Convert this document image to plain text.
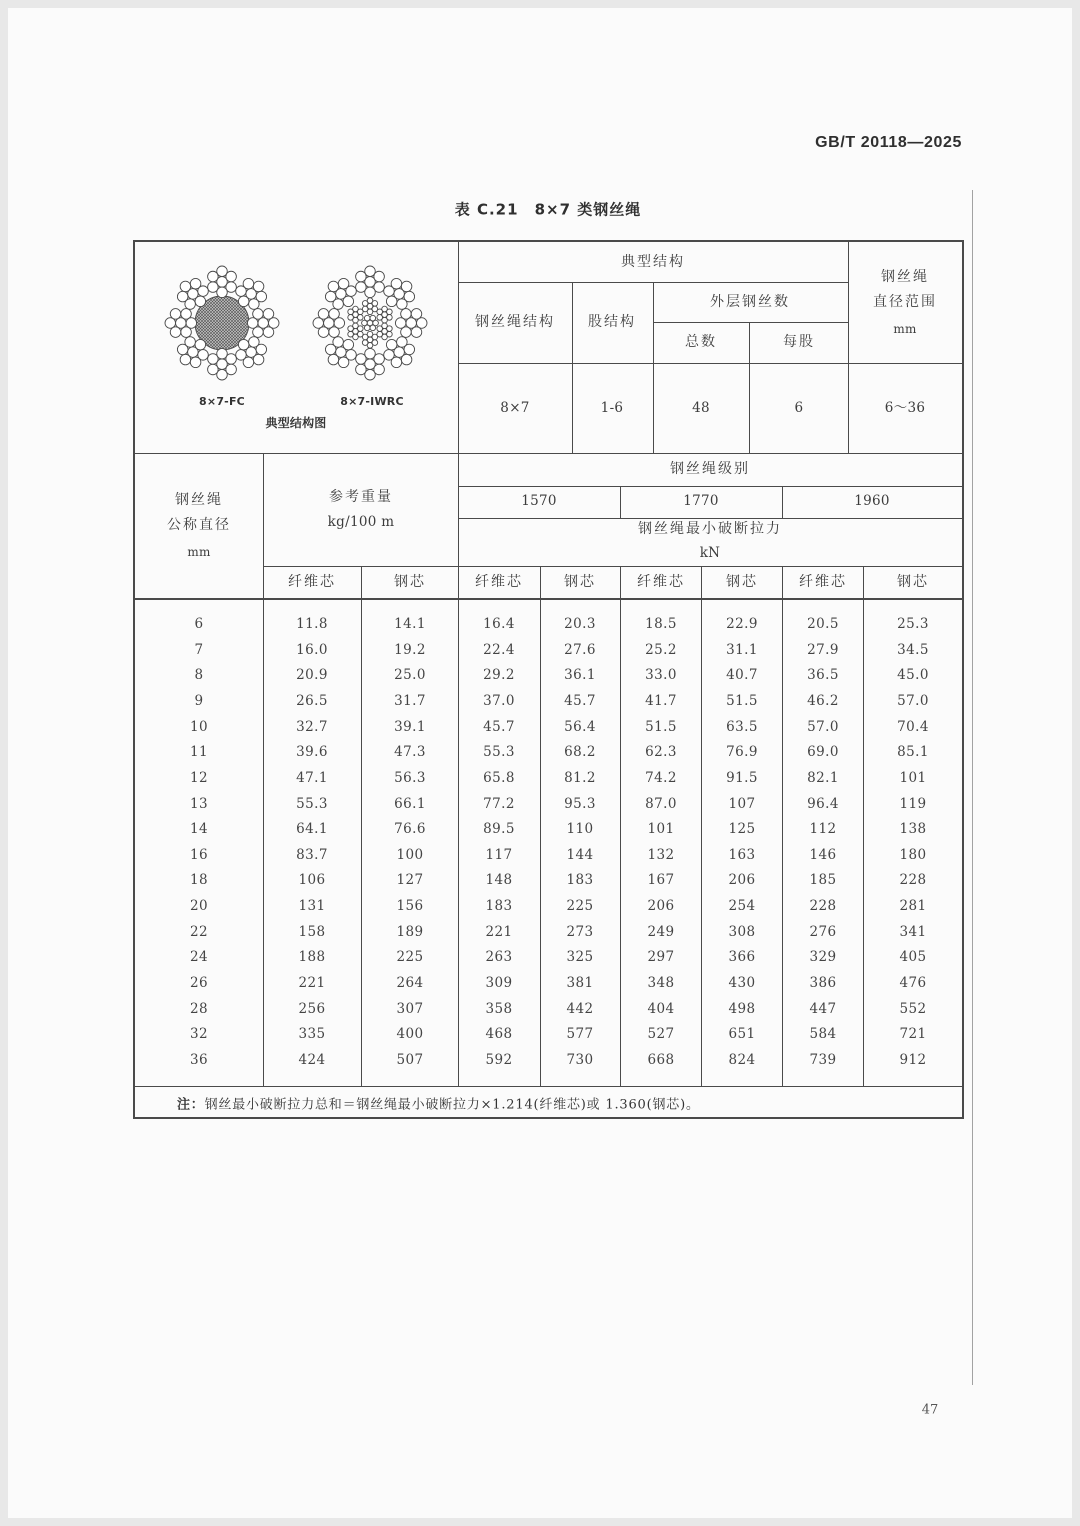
GB/T 20118—2025
表 C.21 8×7 类钢丝绳
8×7-FC	8×7-IWRC
典型结构图
典型结构
钢丝绳
直径范围
mm
钢丝绳结构 股结构
外层钢丝数
总数	每股
8×7	1-6	48	6	6～36
钢丝绳
公称直径
mm
参考重量
kg/100 m
钢丝绳级别
1570	1770	1960
钢丝绳最小破断拉力
kN
纤维芯	钢芯	纤维芯	钢芯	纤维芯	钢芯	纤维芯	钢芯
6	11.8	14.1	16.4	20.3	18.5	22.9	20.5	25.3
7	16.0	19.2	22.4	27.6	25.2	31.1	27.9	34.5
8	20.9	25.0	29.2	36.1	33.0	40.7	36.5	45.0
9	26.5	31.7	37.0	45.7	41.7	51.5	46.2	57.0
10	32.7	39.1	45.7	56.4	51.5	63.5	57.0	70.4
11	39.6	47.3	55.3	68.2	62.3	76.9	69.0	85.1
12	47.1	56.3	65.8	81.2	74.2	91.5	82.1	101
13	55.3	66.1	77.2	95.3	87.0	107	96.4	119
14	64.1	76.6	89.5	110	101	125	112	138
16	83.7	100	117	144	132	163	146	180
18	106	127	148	183	167	206	185	228
20	131	156	183	225	206	254	228	281
22	158	189	221	273	249	308	276	341
24	188	225	263	325	297	366	329	405
26	221	264	309	381	348	430	386	476
28	256	307	358	442	404	498	447	552
32	335	400	468	577	527	651	584	721
36	424	507	592	730	668	824	739	912
注：钢丝最小破断拉力总和＝钢丝绳最小破断拉力×1.214(纤维芯)或 1.360(钢芯)。
47
